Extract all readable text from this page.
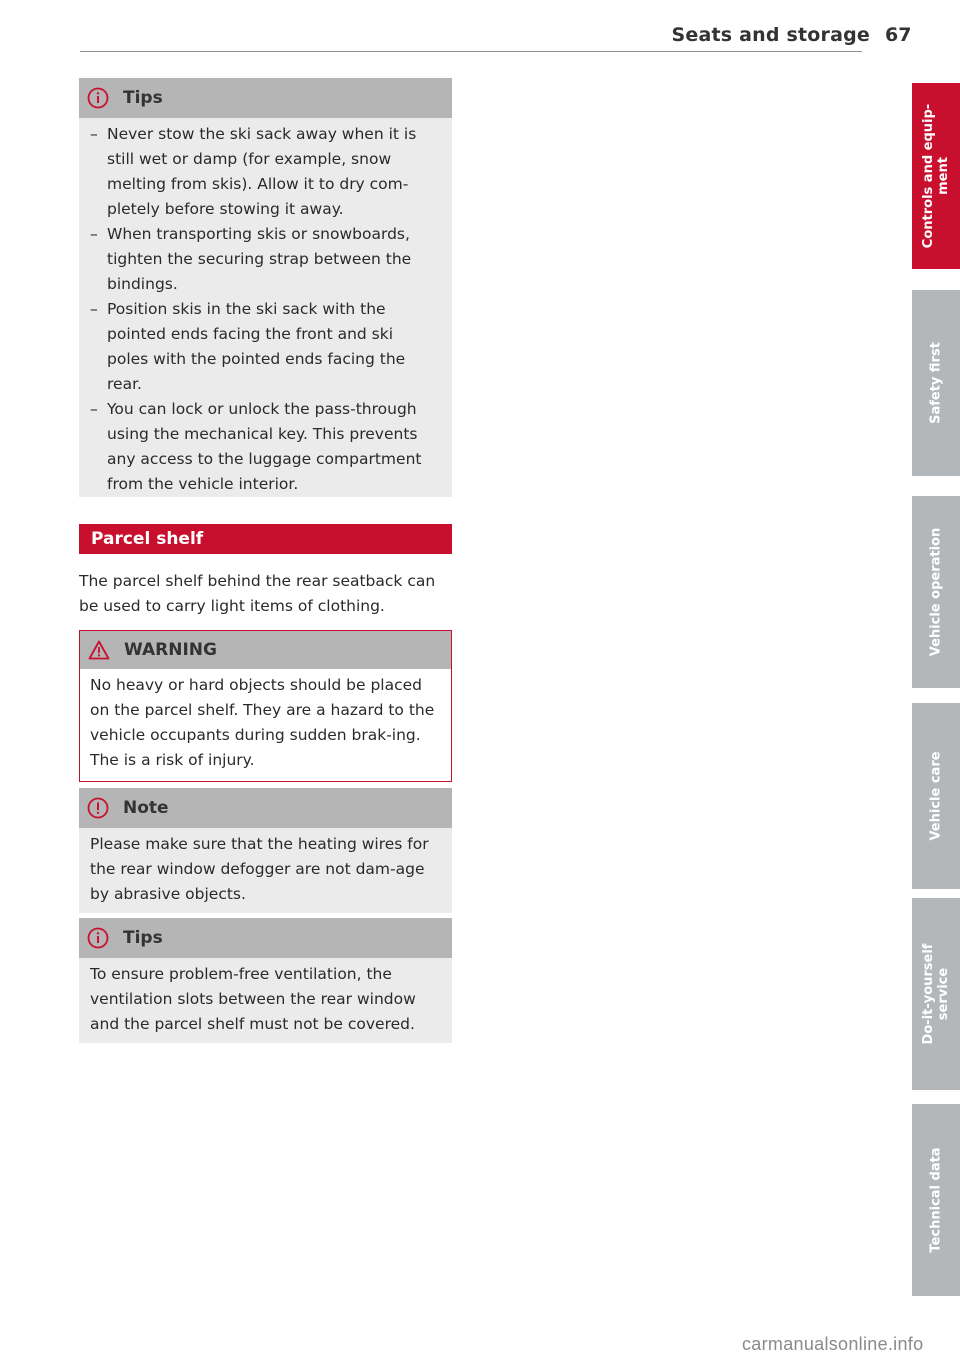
Seats and storage 67
Tips
– Never stow the ski sack away when it is still wet or damp (for example, snow melting from skis). Allow it to dry com-pletely before stowing it away.
– When transporting skis or snowboards, tighten the securing strap between the bindings.
– Position skis in the ski sack with the pointed ends facing the front and ski poles with the pointed ends facing the rear.
– You can lock or unlock the pass-through using the mechanical key. This prevents any access to the luggage compartment from the vehicle interior.
Parcel shelf
The parcel shelf behind the rear seatback can be used to carry light items of clothing.
WARNING
No heavy or hard objects should be placed on the parcel shelf. They are a hazard to the vehicle occupants during sudden brak-ing. The is a risk of injury.
Note
Please make sure that the heating wires for the rear window defogger are not dam-age by abrasive objects.
Tips
To ensure problem-free ventilation, the ventilation slots between the rear window and the parcel shelf must not be covered.
Controls and equip- ment
Safety first
Vehicle operation
Vehicle care
Do-it-yourself service
Technical data
carmanualsonline.info
